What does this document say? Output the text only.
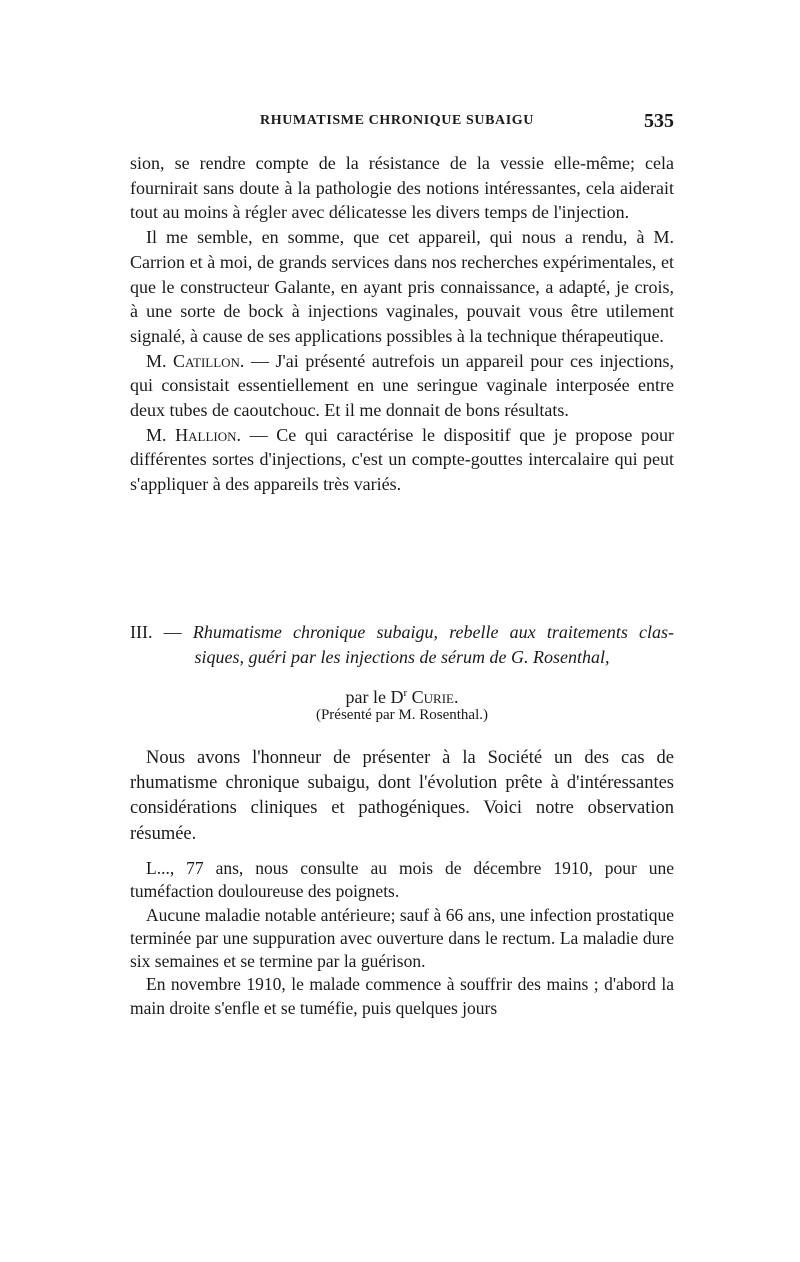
RHUMATISME CHRONIQUE SUBAIGU	535

sion, se rendre compte de la résistance de la vessie elle-même; cela fournirait sans doute à la pathologie des notions intéressantes, cela aiderait tout au moins à régler avec délicatesse les divers temps de l'injection.

Il me semble, en somme, que cet appareil, qui nous a rendu, à M. Carrion et à moi, de grands services dans nos recherches expérimentales, et que le constructeur Galante, en ayant pris connaissance, a adapté, je crois, à une sorte de bock à injections vaginales, pouvait vous être utilement signalé, à cause de ses applications possibles à la technique thérapeutique.

M. Catillon. — J'ai présenté autrefois un appareil pour ces injections, qui consistait essentiellement en une seringue vaginale interposée entre deux tubes de caoutchouc. Et il me donnait de bons résultats.

M. Hallion. — Ce qui caractérise le dispositif que je propose pour différentes sortes d'injections, c'est un compte-gouttes intercalaire qui peut s'appliquer à des appareils très variés.

III. — Rhumatisme chronique subaigu, rebelle aux traitements clas-
siques, guéri par les injections de sérum de G. Rosenthal,
par le $D^r$ Curie.
(Présenté par M. Rosenthal.)

Nous avons l'honneur de présenter à la Société un des cas de rhumatisme chronique subaigu, dont l'évolution prête à d'intéressantes considérations cliniques et pathogéniques. Voici notre observation résumée.

L..., 77 ans, nous consulte au mois de décembre 1910, pour une tuméfaction douloureuse des poignets.

Aucune maladie notable antérieure; sauf à 66 ans, une infection prostatique terminée par une suppuration avec ouverture dans le rectum. La maladie dure six semaines et se termine par la guérison.

En novembre 1910, le malade commence à souffrir des mains ; d'abord la main droite s'enfle et se tuméfie, puis quelques jours
